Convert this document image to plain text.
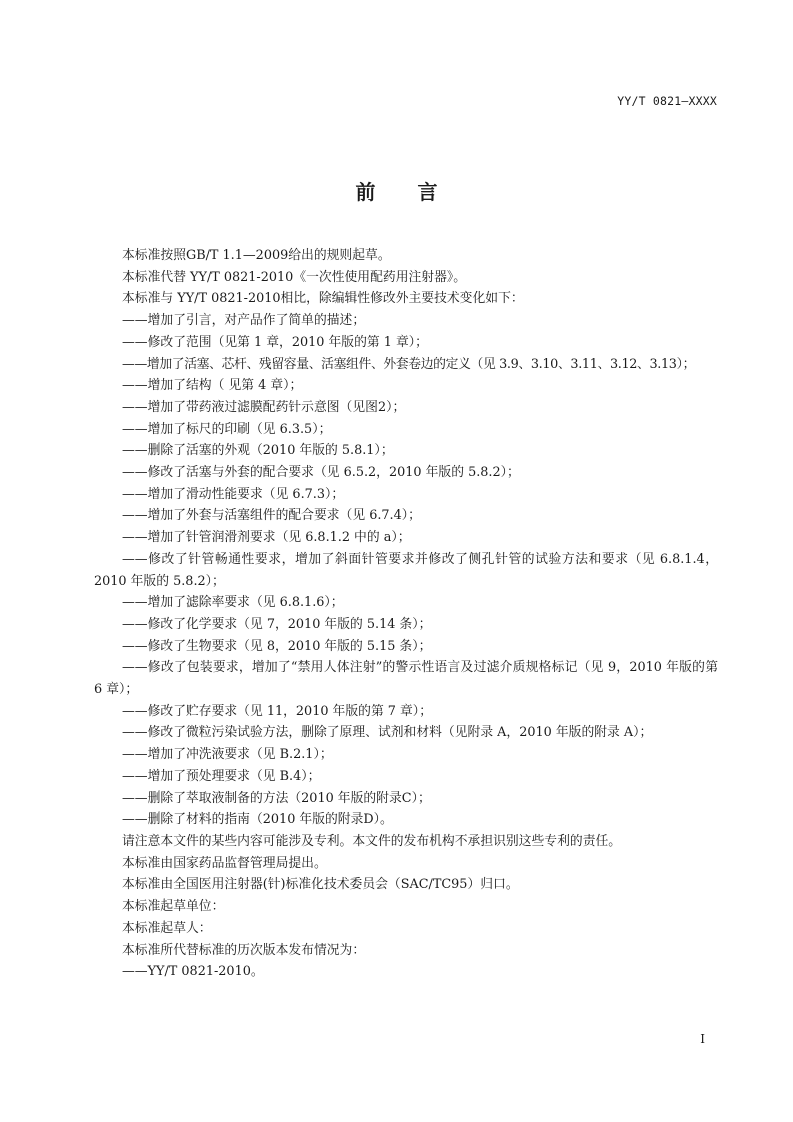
YY/T 0821—XXXX
前言

本标准按照GB/T 1.1—2009给出的规则起草。

本标准代替 YY/T 0821-2010《一次性使用配药用注射器》。

本标准与 YY/T 0821-2010相比，除编辑性修改外主要技术变化如下：

——增加了引言，对产品作了简单的描述；

——修改了范围（见第 1 章，2010 年版的第 1 章）；

——增加了活塞、芯杆、残留容量、活塞组件、外套卷边的定义（见 3.9、3.10、3.11、3.12、3.13）；

——增加了结构（ 见第 4 章）；

——增加了带药液过滤膜配药针示意图（见图2）；

——增加了标尺的印刷（见 6.3.5）；

——删除了活塞的外观（2010 年版的 5.8.1）；

——修改了活塞与外套的配合要求（见 6.5.2，2010 年版的 5.8.2）；

——增加了滑动性能要求（见 6.7.3）；

——增加了外套与活塞组件的配合要求（见 6.7.4）；

——增加了针管润滑剂要求（见 6.8.1.2 中的 a）；

——修改了针管畅通性要求，增加了斜面针管要求并修改了侧孔针管的试验方法和要求（见 6.8.1.4，2010 年版的 5.8.2）；

——增加了滤除率要求（见 6.8.1.6）；

——修改了化学要求（见 7，2010 年版的 5.14 条）；

——修改了生物要求（见 8，2010 年版的 5.15 条）；

——修改了包装要求，增加了“禁用人体注射”的警示性语言及过滤介质规格标记（见 9，2010 年版的第 6 章）；

——修改了贮存要求（见 11，2010 年版的第 7 章）；

——修改了微粒污染试验方法，删除了原理、试剂和材料（见附录 A，2010 年版的附录 A）；

——增加了冲洗液要求（见 B.2.1）；

——增加了预处理要求（见 B.4）；

——删除了萃取液制备的方法（2010 年版的附录C）；

——删除了材料的指南（2010 年版的附录D）。

请注意本文件的某些内容可能涉及专利。本文件的发布机构不承担识别这些专利的责任。

本标准由国家药品监督管理局提出。

本标准由全国医用注射器(针)标准化技术委员会（SAC/TC95）归口。

本标准起草单位：

本标准起草人：

本标准所代替标准的历次版本发布情况为：

——YY/T 0821-2010。

I
